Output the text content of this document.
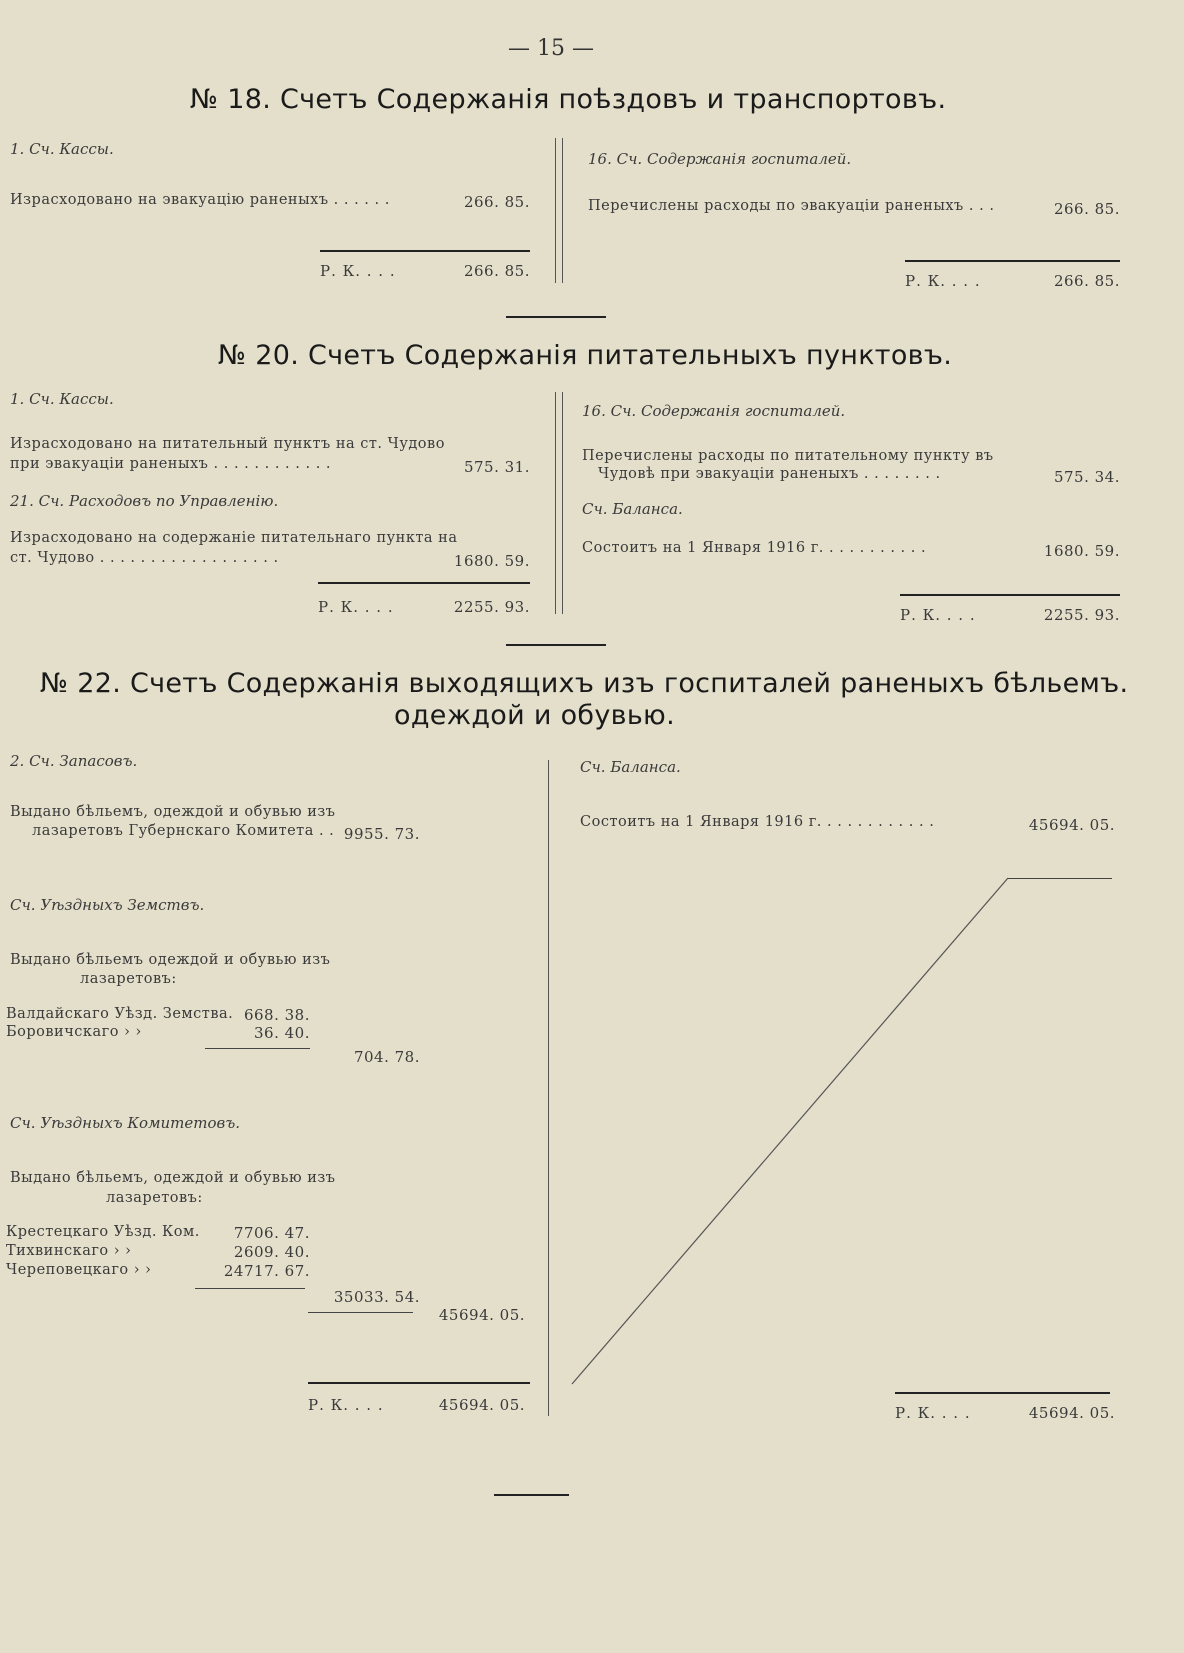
— 15 —
№ 18. Счетъ Содержанія поѣздовъ и транспортовъ.
1. Сч. Кассы.
Израсходовано на эвакуацію раненыхъ . . . . . .	266. 85.
Р. К. . . .	266. 85.
16. Сч. Содержанія госпиталей.
Перечислены расходы по эвакуаціи раненыхъ . . .	266. 85.
Р. К. . . .	266. 85.
№ 20. Счетъ Содержанія питательныхъ пунктовъ.
1. Сч. Кассы.
Израсходовано на питательный пунктъ на ст. Чудово
при эвакуаціи раненыхъ . . . . . . . . . . . .	575. 31.
21. Сч. Расходовъ по Управленію.
Израсходовано на содержаніе питательнаго пункта на
ст. Чудово . . . . . . . . . . . . . . . . . .	1680. 59.
Р. К. . . .	2255. 93.
16. Сч. Содержанія госпиталей.
Перечислены расходы по питательному пункту въ
Чудовѣ при эвакуаціи раненыхъ . . . . . . . .	575. 34.
Сч. Баланса.
Состоитъ на 1 Января 1916 г. . . . . . . . . . .	1680. 59.
Р. К. . . .	2255. 93.
№ 22. Счетъ Содержанія выходящихъ изъ госпиталей раненыхъ бѣльемъ.
одеждой и обувью.
2. Сч. Запасовъ.
Выдано бѣльемъ, одеждой и обувью изъ
лазаретовъ Губернскаго Комитета . . 9955. 73.
Сч. Уѣздныхъ Земствъ.
Выдано бѣльемъ одеждой и обувью изъ
лазаретовъ:
Валдайскаго Уѣзд. Земства. 668. 38.
Боровичскаго › ›	36. 40.
704. 78.
Сч. Уѣздныхъ Комитетовъ.
Выдано бѣльемъ, одеждой и обувью изъ
лазаретовъ:
Крестецкаго Уѣзд. Ком.	7706. 47.
Тихвинскаго › ›	2609. 40.
Череповецкаго › ›	24717. 67.
35033. 54.
45694. 05.
Р. К. . . .	45694. 05.
Сч. Баланса.
Состоитъ на 1 Января 1916 г. . . . . . . . . . . .	45694. 05.
Р. К. . . .	45694. 05.
